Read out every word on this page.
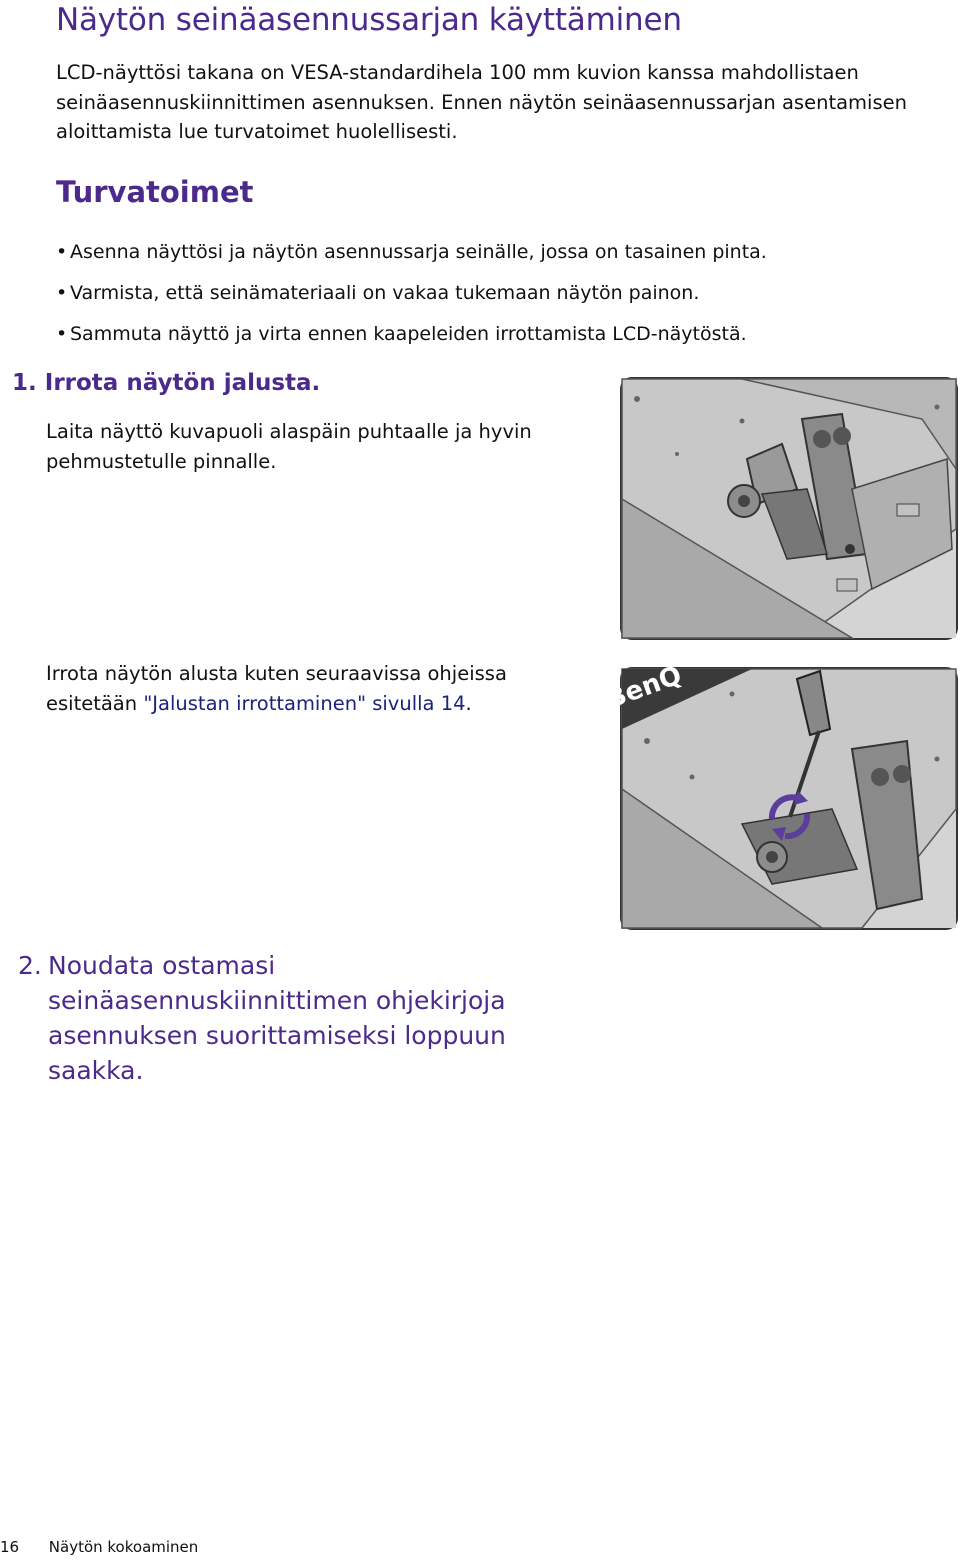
Näytön seinäasennussarjan käyttäminen

LCD-näyttösi takana on VESA-standardihela 100 mm kuvion kanssa mahdollistaen seinäasennuskiinnittimen asennuksen. Ennen näytön seinäasennussarjan asentamisen aloittamista lue turvatoimet huolellisesti.

Turvatoimet
• Asenna näyttösi ja näytön asennussarja seinälle, jossa on tasainen pinta.
• Varmista, että seinämateriaali on vakaa tukemaan näytön painon.
• Sammuta näyttö ja virta ennen kaapeleiden irrottamista LCD-näytöstä.
1. Irrota näytön jalusta.

Laita näyttö kuvapuoli alaspäin puhtaalle ja hyvin pehmustetulle pinnalle.

Irrota näytön alusta kuten seuraavissa ohjeissa esitetään "Jalustan irrottaminen" sivulla 14.	BenQ
2. Noudata ostamasi seinäasennuskiinnittimen ohjekirjoja asennuksen suorittamiseksi loppuun saakka.
16 Näytön kokoaminen
